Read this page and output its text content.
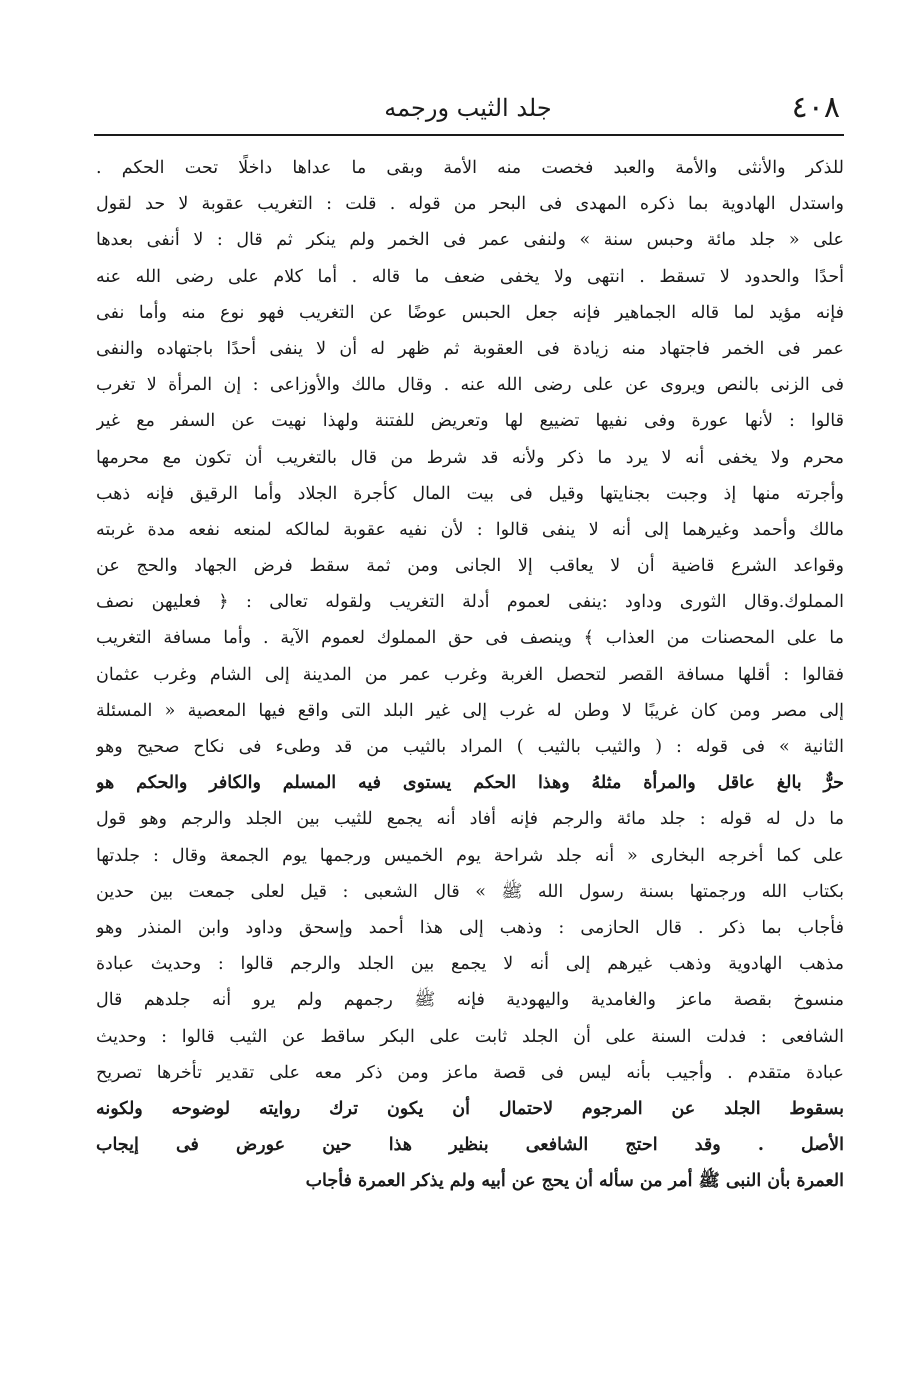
٤٠٨
جلد الثيب ورجمه
للذكر والأنثى والأمة والعبد فخصت منه الأمة وبقى ما عداها داخلًا تحت الحكم .
واستدل الهادوية بما ذكره المهدى فى البحر من قوله . قلت : التغريب عقوبة لا حد لقول
على « جلد مائة وحبس سنة » ولنفى عمر فى الخمر ولم ينكر ثم قال : لا أنفى بعدها
أحدًا والحدود لا تسقط . انتهى ولا يخفى ضعف ما قاله . أما كلام على رضى الله عنه
فإنه مؤيد لما قاله الجماهير فإنه جعل الحبس عوضًا عن التغريب فهو نوع منه وأما نفى
عمر فى الخمر فاجتهاد منه زيادة فى العقوبة ثم ظهر له أن لا ينفى أحدًا باجتهاده والنفى
فى الزنى بالنص ويروى عن على رضى الله عنه . وقال مالك والأوزاعى : إن المرأة لا تغرب
قالوا : لأنها عورة وفى نفيها تضييع لها وتعريض للفتنة ولهذا نهيت عن السفر مع غير
محرم ولا يخفى أنه لا يرد ما ذكر ولأنه قد شرط من قال بالتغريب أن تكون مع محرمها
وأجرته منها إذ وجبت بجنايتها وقيل فى بيت المال كأجرة الجلاد وأما الرقيق فإنه ذهب
مالك وأحمد وغيرهما إلى أنه لا ينفى قالوا : لأن نفيه عقوبة لمالكه لمنعه نفعه مدة غربته
وقواعد الشرع قاضية أن لا يعاقب إلا الجانى ومن ثمة سقط فرض الجهاد والحج عن
المملوك.وقال الثورى وداود :ينفى لعموم أدلة التغريب ولقوله تعالى : ﴿ فعليهن نصف
ما على المحصنات من العذاب ﴾ وينصف فى حق المملوك لعموم الآية . وأما مسافة التغريب
فقالوا : أقلها مسافة القصر لتحصل الغربة وغرب عمر من المدينة إلى الشام وغرب عثمان
إلى مصر ومن كان غريبًا لا وطن له غرب إلى غير البلد التى واقع فيها المعصية « المسئلة
الثانية » فى قوله : ( والثيب بالثيب ) المراد بالثيب من قد وطىء فى نكاح صحيح وهو
حرٌّ بالغ عاقل والمرأة مثلهُ وهذا الحكم يستوى فيه المسلم والكافر والحكم هو
ما دل له قوله : جلد مائة والرجم فإنه أفاد أنه يجمع للثيب بين الجلد والرجم وهو قول
على كما أخرجه البخارى « أنه جلد شراحة يوم الخميس ورجمها يوم الجمعة وقال : جلدتها
بكتاب الله ورجمتها بسنة رسول الله ﷺ » قال الشعبى : قيل لعلى جمعت بين حدين
فأجاب بما ذكر . قال الحازمى : وذهب إلى هذا أحمد وإسحق وداود وابن المنذر وهو
مذهب الهادوية وذهب غيرهم إلى أنه لا يجمع بين الجلد والرجم قالوا : وحديث عبادة
منسوخ بقصة ماعز والغامدية واليهودية فإنه ﷺ رجمهم ولم يرو أنه جلدهم قال
الشافعى : فدلت السنة على أن الجلد ثابت على البكر ساقط عن الثيب قالوا : وحديث
عبادة متقدم . وأجيب بأنه ليس فى قصة ماعز ومن ذكر معه على تقدير تأخرها تصريح
بسقوط الجلد عن المرجوم لاحتمال أن يكون ترك روايته لوضوحه ولكونه
الأصل . وقد احتج الشافعى بنظير هذا حين عورض فى إيجاب
العمرة بأن النبى ﷺ أمر من سأله أن يحج عن أبيه ولم يذكر العمرة فأجاب
